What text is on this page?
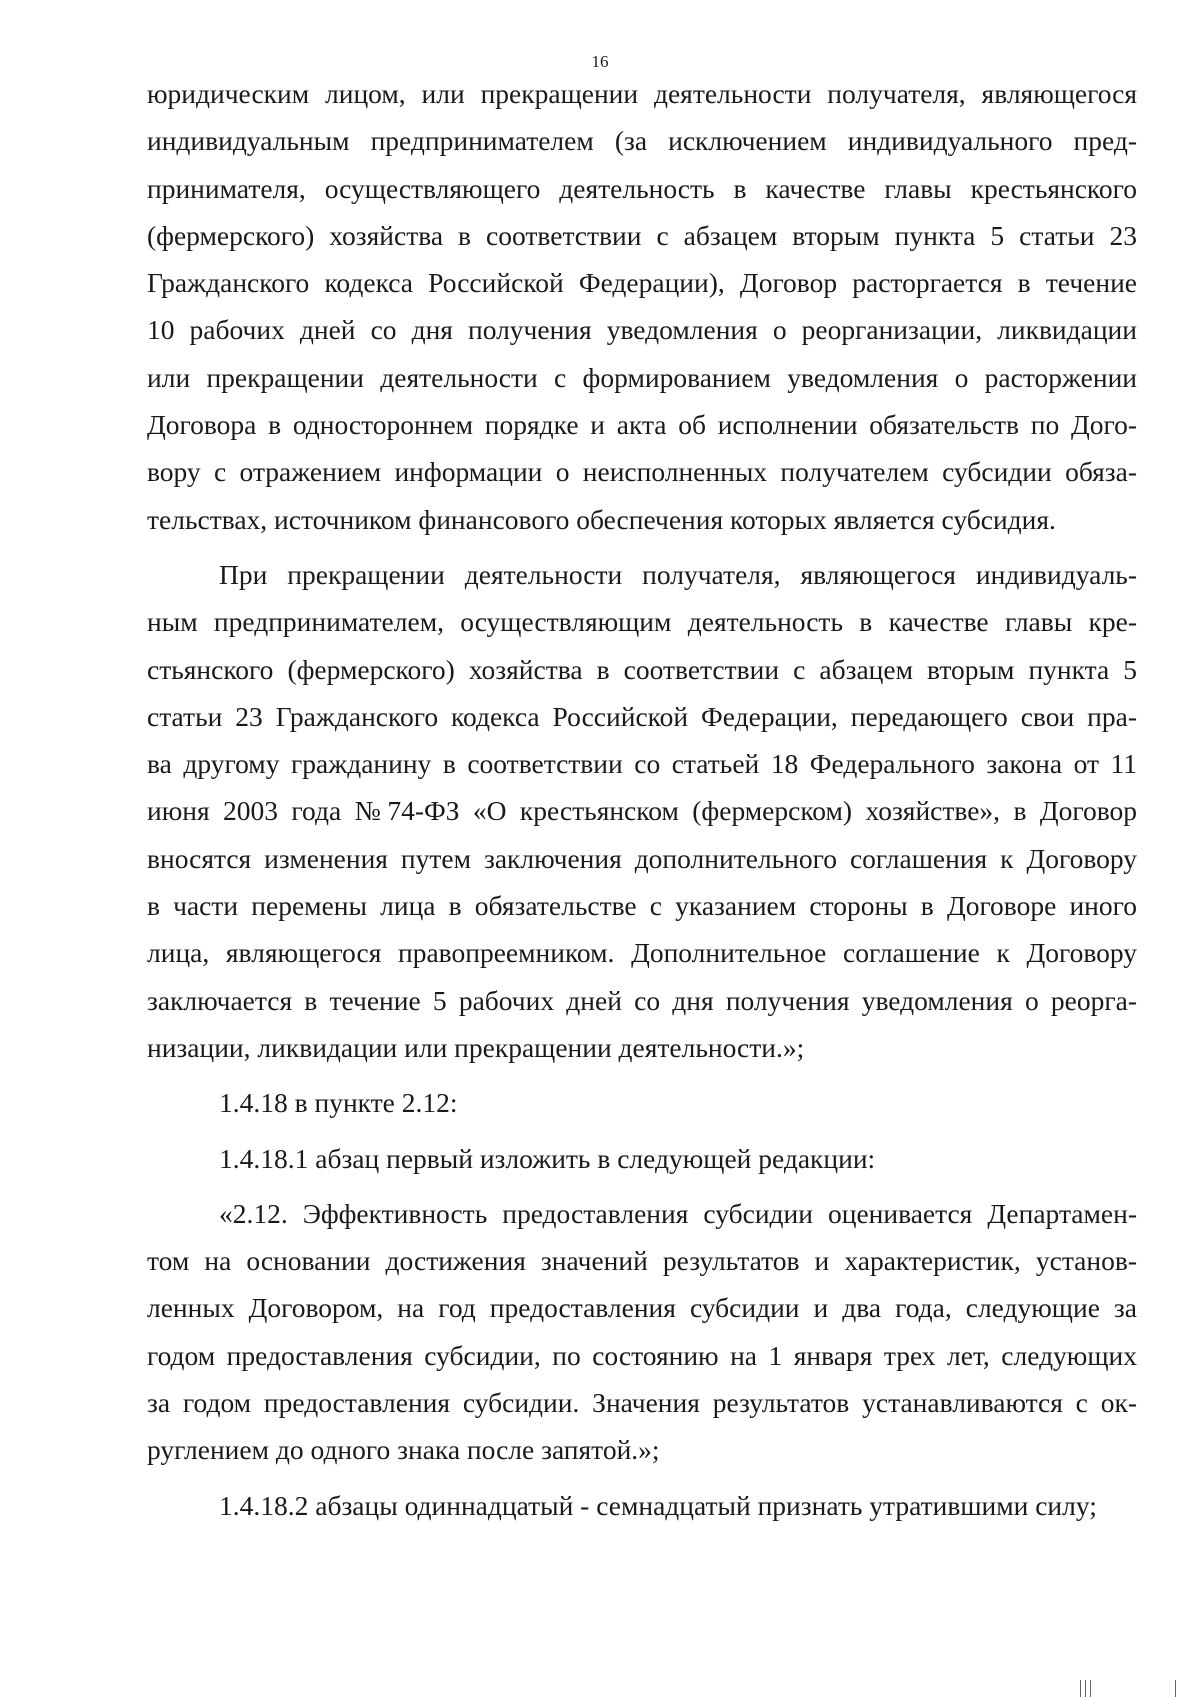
16
юридическим лицом, или прекращении деятельности получателя, являющегося
индивидуальным предпринимателем (за исключением индивидуального пред-
принимателя, осуществляющего деятельность в качестве главы крестьянского
(фермерского) хозяйства в соответствии с абзацем вторым пункта 5 статьи 23
Гражданского кодекса Российской Федерации), Договор расторгается в течение
10 рабочих дней со дня получения уведомления о реорганизации, ликвидации
или прекращении деятельности с формированием уведомления о расторжении
Договора в одностороннем порядке и акта об исполнении обязательств по Дого-
вору с отражением информации о неисполненных получателем субсидии обяза-
тельствах, источником финансового обеспечения которых является субсидия.
При прекращении деятельности получателя, являющегося индивидуаль-
ным предпринимателем, осуществляющим деятельность в качестве главы кре-
стьянского (фермерского) хозяйства в соответствии с абзацем вторым пункта 5
статьи 23 Гражданского кодекса Российской Федерации, передающего свои пра-
ва другому гражданину в соответствии со статьей 18 Федерального закона от 11
июня 2003 года №74-ФЗ «О крестьянском (фермерском) хозяйстве», в Договор
вносятся изменения путем заключения дополнительного соглашения к Договору
в части перемены лица в обязательстве с указанием стороны в Договоре иного
лица, являющегося правопреемником. Дополнительное соглашение к Договору
заключается в течение 5 рабочих дней со дня получения уведомления о реорга-
низации, ликвидации или прекращении деятельности.»;
1.4.18 в пункте 2.12:
1.4.18.1 абзац первый изложить в следующей редакции:
«2.12. Эффективность предоставления субсидии оценивается Департамен-
том на основании достижения значений результатов и характеристик, установ-
ленных Договором, на год предоставления субсидии и два года, следующие за
годом предоставления субсидии, по состоянию на 1 января трех лет, следующих
за годом предоставления субсидии. Значения результатов устанавливаются с ок-
руглением до одного знака после запятой.»;
1.4.18.2 абзацы одиннадцатый - семнадцатый признать утратившими силу;
